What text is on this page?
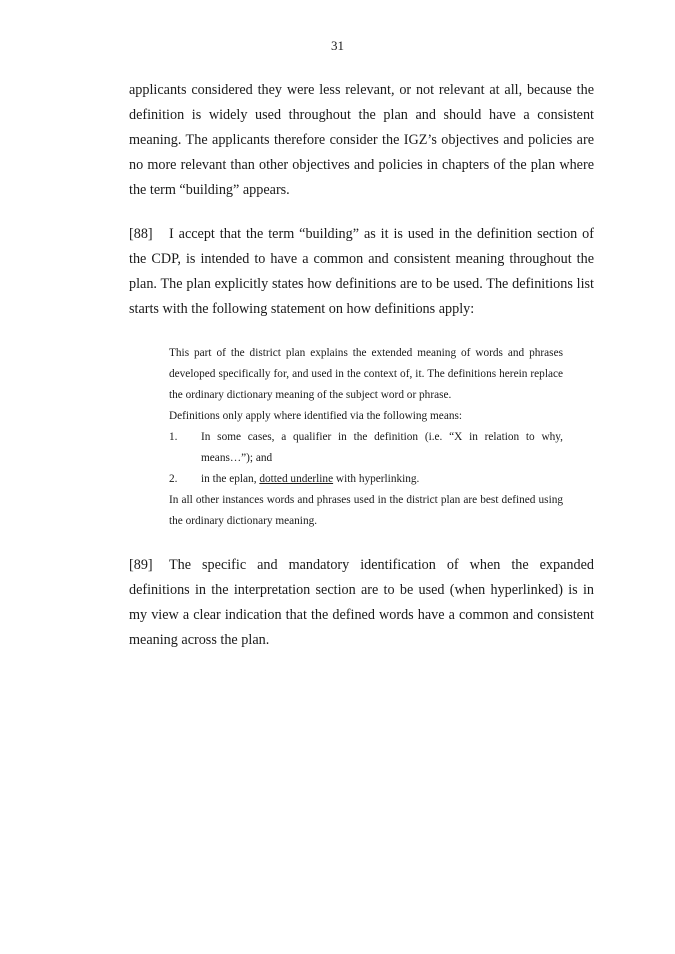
31

applicants considered they were less relevant, or not relevant at all, because the definition is widely used throughout the plan and should have a consistent meaning. The applicants therefore consider the IGZ’s objectives and policies are no more relevant than other objectives and policies in chapters of the plan where the term “building” appears.

[88] I accept that the term “building” as it is used in the definition section of the CDP, is intended to have a common and consistent meaning throughout the plan. The plan explicitly states how definitions are to be used. The definitions list starts with the following statement on how definitions apply:

This part of the district plan explains the extended meaning of words and phrases developed specifically for, and used in the context of, it. The definitions herein replace the ordinary dictionary meaning of the subject word or phrase.

Definitions only apply where identified via the following means:

1.	In some cases, a qualifier in the definition (i.e. “X in relation to why, means…”); and
2.	in the eplan, dotted underline with hyperlinking.

In all other instances words and phrases used in the district plan are best defined using the ordinary dictionary meaning.

[89] The specific and mandatory identification of when the expanded definitions in the interpretation section are to be used (when hyperlinked) is in my view a clear indication that the defined words have a common and consistent meaning across the plan.
